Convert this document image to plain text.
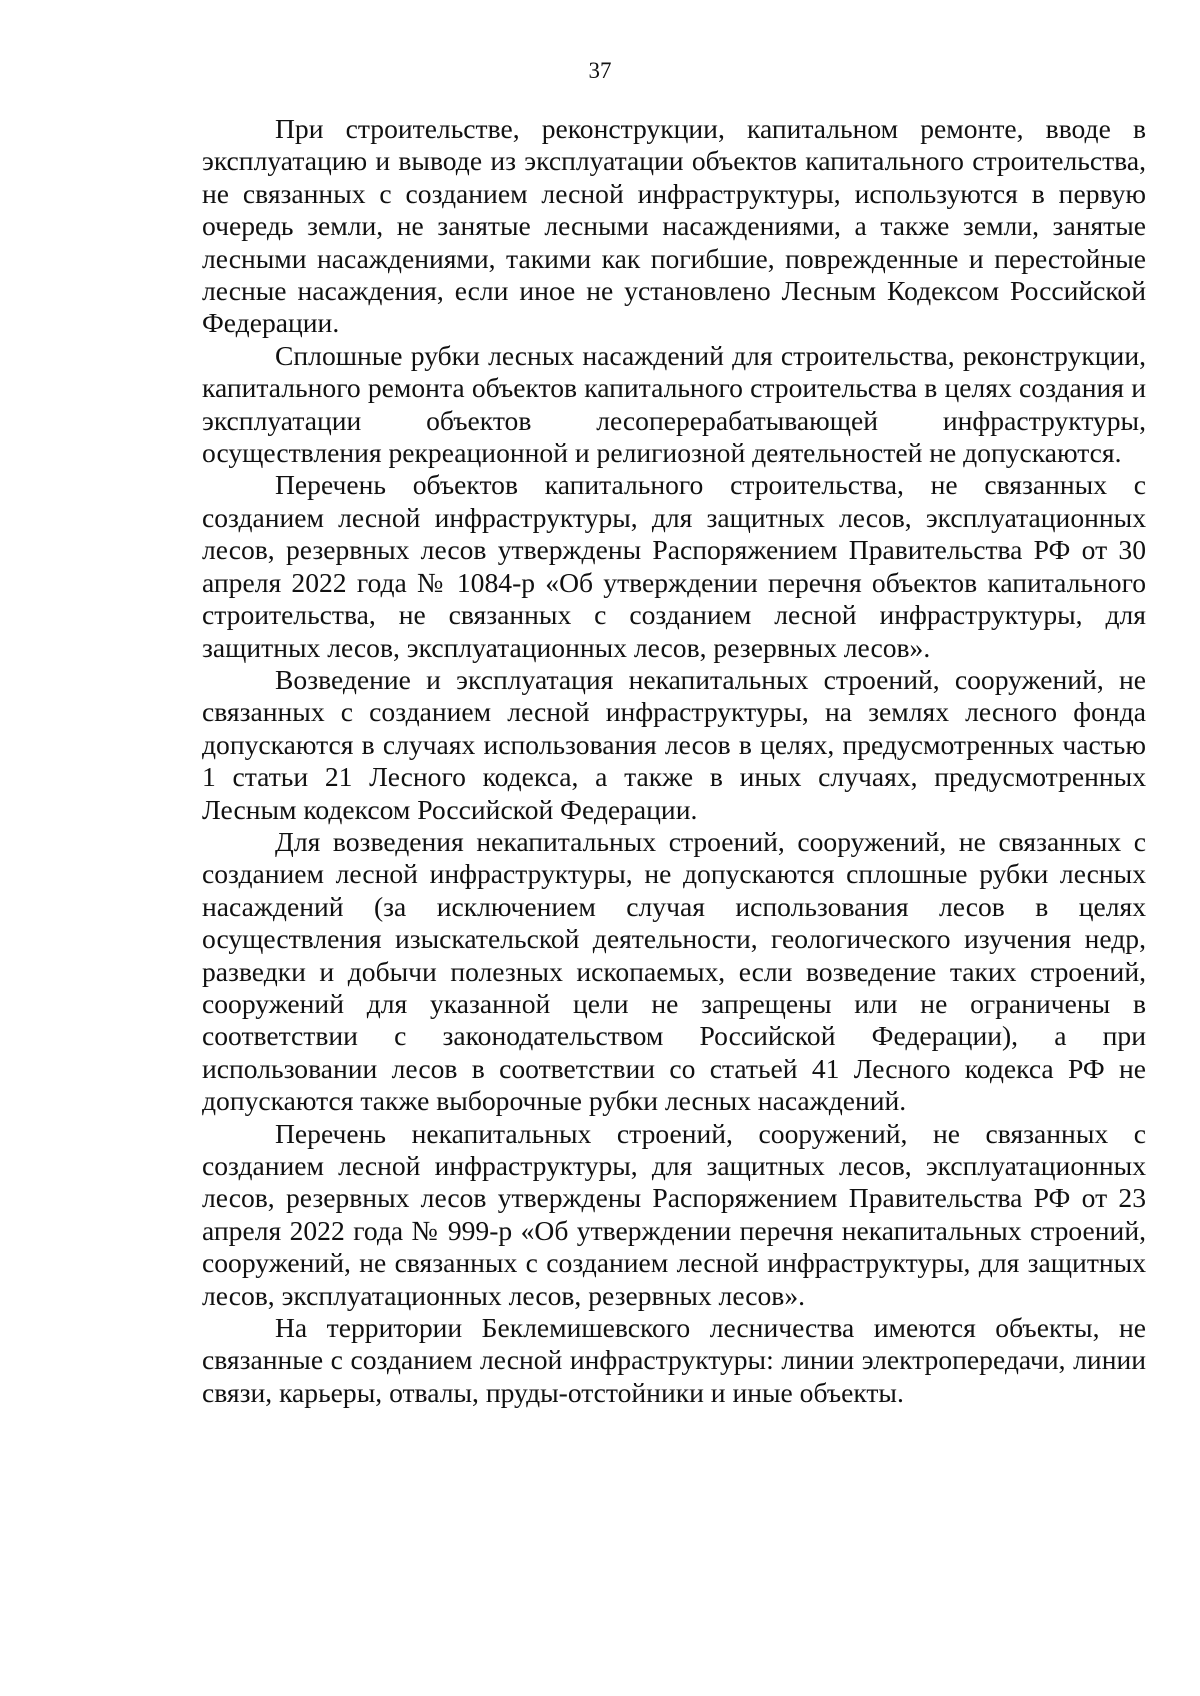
37

При строительстве, реконструкции, капитальном ремонте, вводе в эксплуатацию и выводе из эксплуатации объектов капитального строительства, не связанных с созданием лесной инфраструктуры, используются в первую очередь земли, не занятые лесными насаждениями, а также земли, занятые лесными насаждениями, такими как погибшие, поврежденные и перестойные лесные насаждения, если иное не установлено Лесным Кодексом Российской Федерации.

Сплошные рубки лесных насаждений для строительства, реконструкции, капитального ремонта объектов капитального строительства в целях создания и эксплуатации объектов лесоперерабатывающей инфраструктуры, осуществления рекреационной и религиозной деятельностей не допускаются.

Перечень объектов капитального строительства, не связанных с созданием лесной инфраструктуры, для защитных лесов, эксплуатационных лесов, резервных лесов утверждены Распоряжением Правительства РФ от 30 апреля 2022 года № 1084-р «Об утверждении перечня объектов капитального строительства, не связанных с созданием лесной инфраструктуры, для защитных лесов, эксплуатационных лесов, резервных лесов».

Возведение и эксплуатация некапитальных строений, сооружений, не связанных с созданием лесной инфраструктуры, на землях лесного фонда допускаются в случаях использования лесов в целях, предусмотренных частью 1 статьи 21 Лесного кодекса, а также в иных случаях, предусмотренных Лесным кодексом Российской Федерации.

Для возведения некапитальных строений, сооружений, не связанных с созданием лесной инфраструктуры, не допускаются сплошные рубки лесных насаждений (за исключением случая использования лесов в целях осуществления изыскательской деятельности, геологического изучения недр, разведки и добычи полезных ископаемых, если возведение таких строений, сооружений для указанной цели не запрещены или не ограничены в соответствии с законодательством Российской Федерации), а при использовании лесов в соответствии со статьей 41 Лесного кодекса РФ не допускаются также выборочные рубки лесных насаждений.

Перечень некапитальных строений, сооружений, не связанных с созданием лесной инфраструктуры, для защитных лесов, эксплуатационных лесов, резервных лесов утверждены Распоряжением Правительства РФ от 23 апреля 2022 года № 999-р «Об утверждении перечня некапитальных строений, сооружений, не связанных с созданием лесной инфраструктуры, для защитных лесов, эксплуатационных лесов, резервных лесов».

На территории Беклемишевского лесничества имеются объекты, не связанные с созданием лесной инфраструктуры: линии электропередачи, линии связи, карьеры, отвалы, пруды-отстойники и иные объекты.
